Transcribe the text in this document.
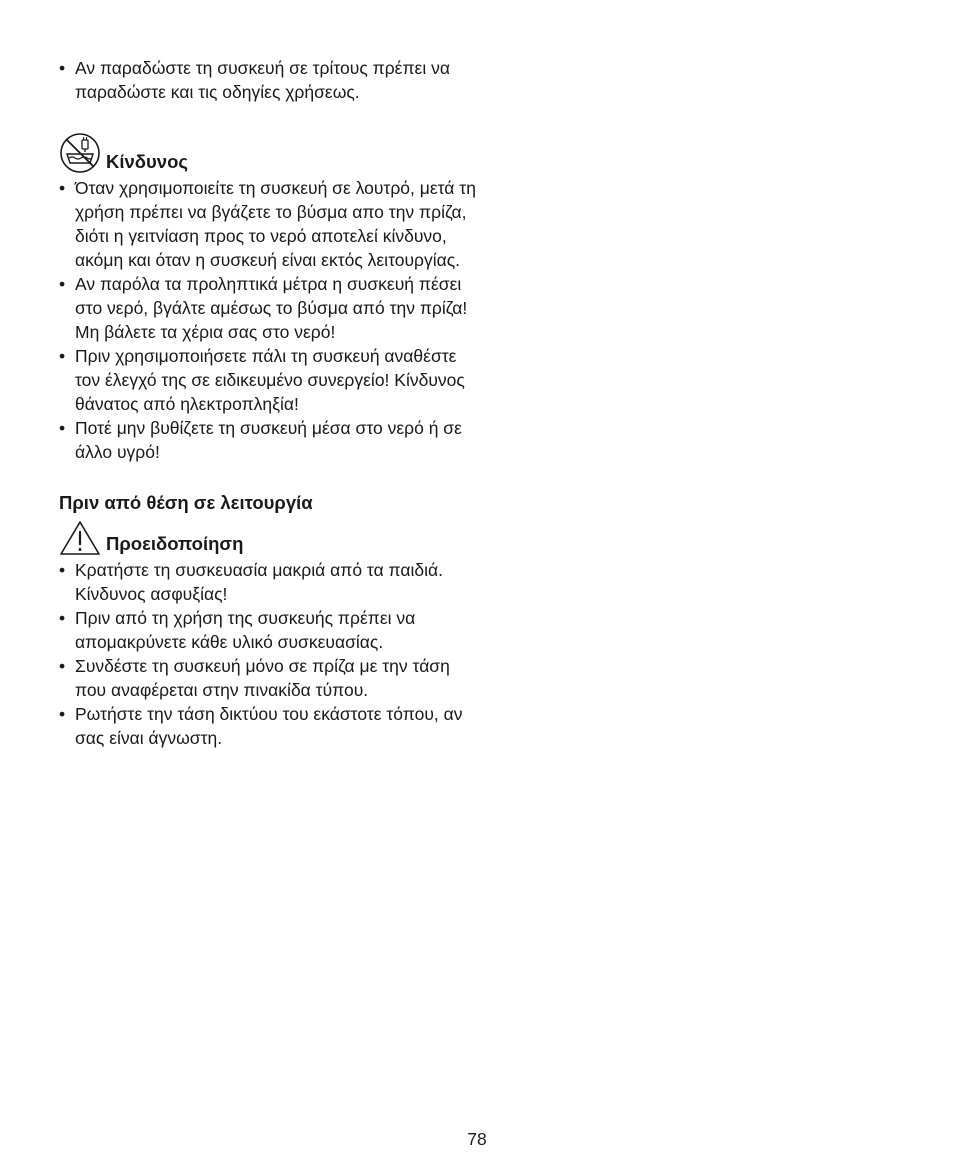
• Αν παραδώστε τη συσκευή σε τρίτους πρέπει να παραδώστε και τις οδηγίες χρήσεως.
Κίνδυνος
• Όταν χρησιμοποιείτε τη συσκευή σε λουτρό, μετά τη χρήση πρέπει να βγάζετε το βύσμα απο την πρίζα, διότι η γειτνίαση προς το νερό αποτελεί κίνδυνο, ακόμη και όταν η συσκευή είναι εκτός λειτουργίας.
• Αν παρόλα τα προληπτικά μέτρα η συσκευή πέσει στο νερό, βγάλτε αμέσως το βύσμα από την πρίζα! Μη βάλετε τα χέρια σας στο νερό!
• Πριν χρησιμοποιήσετε πάλι τη συσκευή αναθέστε τον έλεγχό της σε ειδικευμένο συνεργείο! Κίνδυνος θάνατος από ηλεκτροπληξία!
• Ποτέ μην βυθίζετε τη συσκευή μέσα στο νερό ή σε άλλο υγρό!
Πριν από θέση σε λειτουργία
Προειδοποίηση
• Κρατήστε τη συσκευασία μακριά από τα παιδιά. Κίνδυνος ασφυξίας!
• Πριν από τη χρήση της συσκευής πρέπει να απομακρύνετε κάθε υλικό συσκευασίας.
• Συνδέστε τη συσκευή μόνο σε πρίζα με την τάση που αναφέρεται στην πινακίδα τύπου.
• Ρωτήστε την τάση δικτύου του εκάστοτε τόπου, αν σας είναι άγνωστη.
78
